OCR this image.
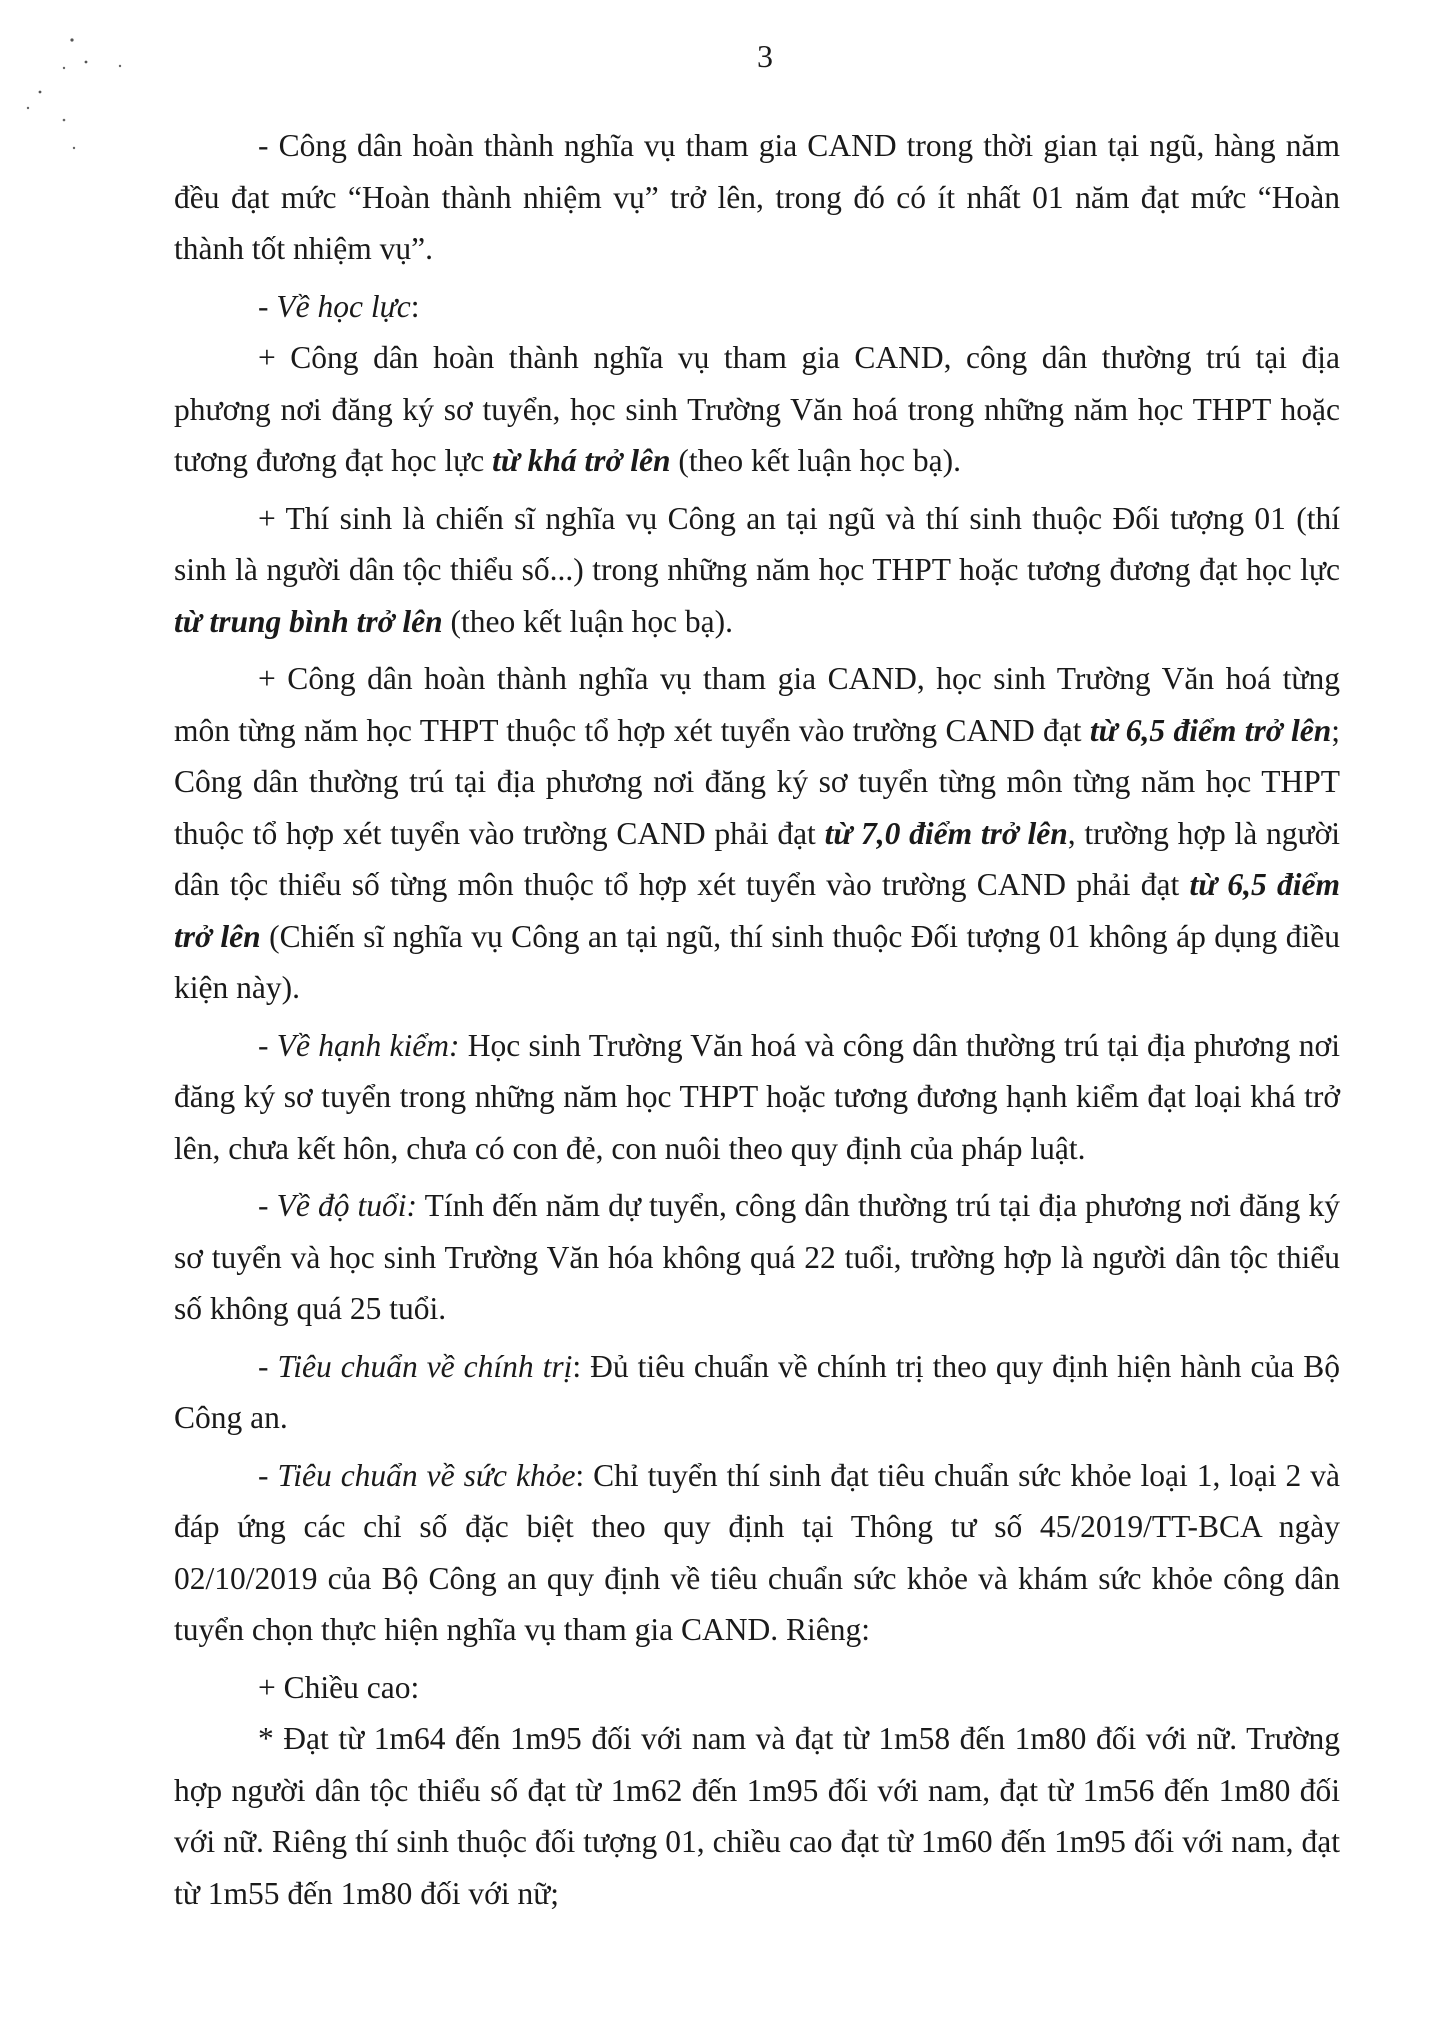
3

- Công dân hoàn thành nghĩa vụ tham gia CAND trong thời gian tại ngũ, hàng năm đều đạt mức “Hoàn thành nhiệm vụ” trở lên, trong đó có ít nhất 01 năm đạt mức “Hoàn thành tốt nhiệm vụ”.

- Về học lực:

+ Công dân hoàn thành nghĩa vụ tham gia CAND, công dân thường trú tại địa phương nơi đăng ký sơ tuyển, học sinh Trường Văn hoá trong những năm học THPT hoặc tương đương đạt học lực từ khá trở lên (theo kết luận học bạ).

+ Thí sinh là chiến sĩ nghĩa vụ Công an tại ngũ và thí sinh thuộc Đối tượng 01 (thí sinh là người dân tộc thiểu số...) trong những năm học THPT hoặc tương đương đạt học lực từ trung bình trở lên (theo kết luận học bạ).

+ Công dân hoàn thành nghĩa vụ tham gia CAND, học sinh Trường Văn hoá từng môn từng năm học THPT thuộc tổ hợp xét tuyển vào trường CAND đạt từ 6,5 điểm trở lên; Công dân thường trú tại địa phương nơi đăng ký sơ tuyển từng môn từng năm học THPT thuộc tổ hợp xét tuyển vào trường CAND phải đạt từ 7,0 điểm trở lên, trường hợp là người dân tộc thiểu số từng môn thuộc tổ hợp xét tuyển vào trường CAND phải đạt từ 6,5 điểm trở lên (Chiến sĩ nghĩa vụ Công an tại ngũ, thí sinh thuộc Đối tượng 01 không áp dụng điều kiện này).

- Về hạnh kiểm: Học sinh Trường Văn hoá và công dân thường trú tại địa phương nơi đăng ký sơ tuyển trong những năm học THPT hoặc tương đương hạnh kiểm đạt loại khá trở lên, chưa kết hôn, chưa có con đẻ, con nuôi theo quy định của pháp luật.

- Về độ tuổi: Tính đến năm dự tuyển, công dân thường trú tại địa phương nơi đăng ký sơ tuyển và học sinh Trường Văn hóa không quá 22 tuổi, trường hợp là người dân tộc thiểu số không quá 25 tuổi.

- Tiêu chuẩn về chính trị: Đủ tiêu chuẩn về chính trị theo quy định hiện hành của Bộ Công an.

- Tiêu chuẩn về sức khỏe: Chỉ tuyển thí sinh đạt tiêu chuẩn sức khỏe loại 1, loại 2 và đáp ứng các chỉ số đặc biệt theo quy định tại Thông tư số 45/2019/TT-BCA ngày 02/10/2019 của Bộ Công an quy định về tiêu chuẩn sức khỏe và khám sức khỏe công dân tuyển chọn thực hiện nghĩa vụ tham gia CAND. Riêng:

+ Chiều cao:

* Đạt từ 1m64 đến 1m95 đối với nam và đạt từ 1m58 đến 1m80 đối với nữ. Trường hợp người dân tộc thiểu số đạt từ 1m62 đến 1m95 đối với nam, đạt từ 1m56 đến 1m80 đối với nữ. Riêng thí sinh thuộc đối tượng 01, chiều cao đạt từ 1m60 đến 1m95 đối với nam, đạt từ 1m55 đến 1m80 đối với nữ;
